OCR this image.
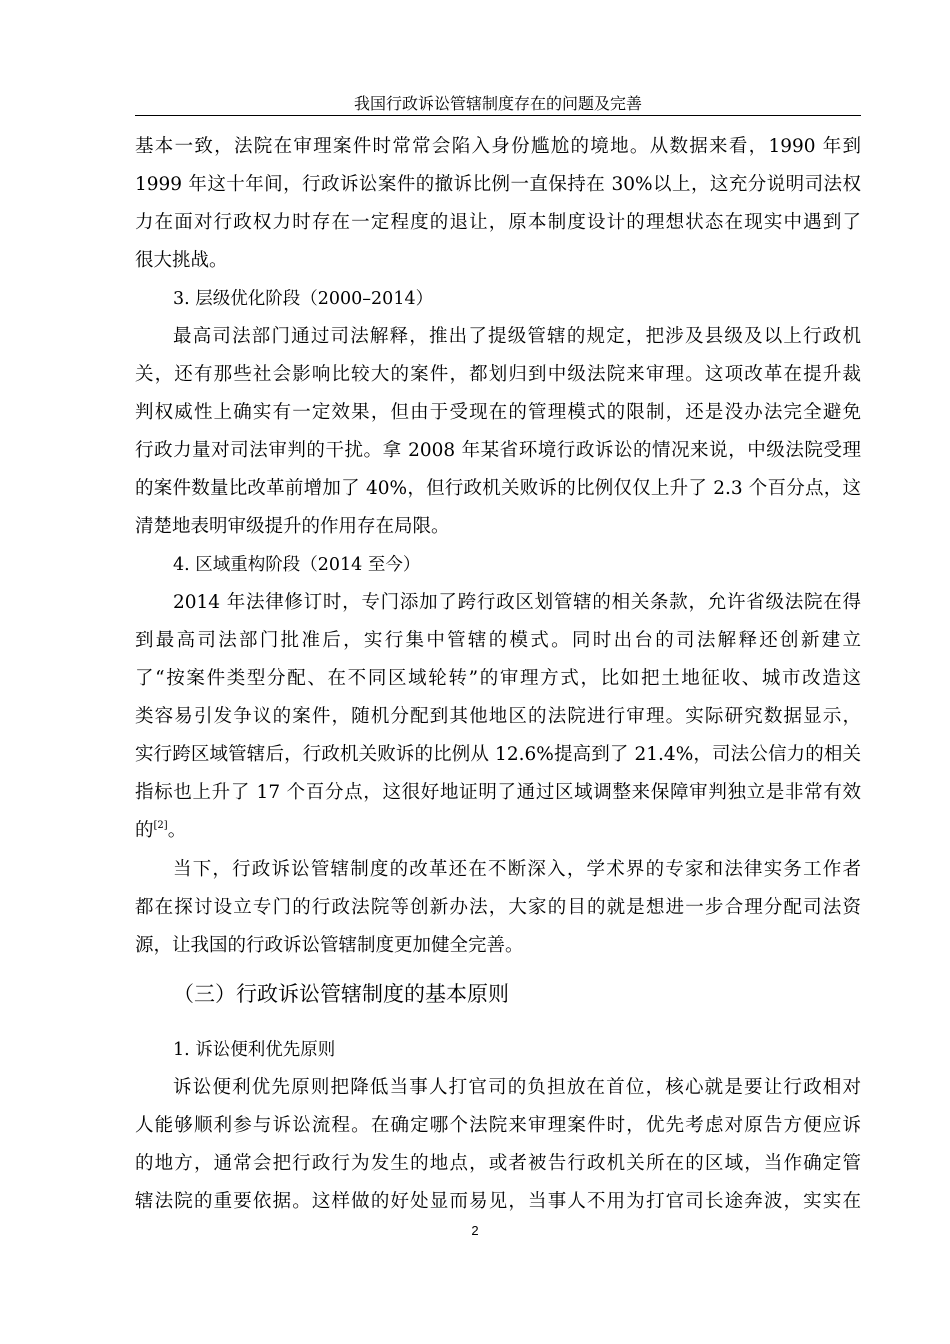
我国行政诉讼管辖制度存在的问题及完善
基本一致，法院在审理案件时常常会陷入身份尴尬的境地。从数据来看，1990 年到
1999 年这十年间，行政诉讼案件的撤诉比例一直保持在 30%以上，这充分说明司法权
力在面对行政权力时存在一定程度的退让，原本制度设计的理想状态在现实中遇到了
很大挑战。
3. 层级优化阶段（2000–2014）
最高司法部门通过司法解释，推出了提级管辖的规定，把涉及县级及以上行政机
关，还有那些社会影响比较大的案件，都划归到中级法院来审理。这项改革在提升裁
判权威性上确实有一定效果，但由于受现在的管理模式的限制，还是没办法完全避免
行政力量对司法审判的干扰。拿 2008 年某省环境行政诉讼的情况来说，中级法院受理
的案件数量比改革前增加了 40%，但行政机关败诉的比例仅仅上升了 2.3 个百分点，这
清楚地表明审级提升的作用存在局限。
4. 区域重构阶段（2014 至今）
2014 年法律修订时，专门添加了跨行政区划管辖的相关条款，允许省级法院在得
到最高司法部门批准后，实行集中管辖的模式。同时出台的司法解释还创新建立
了“按案件类型分配、在不同区域轮转”的审理方式，比如把土地征收、城市改造这
类容易引发争议的案件，随机分配到其他地区的法院进行审理。实际研究数据显示，
实行跨区域管辖后，行政机关败诉的比例从 12.6%提高到了 21.4%，司法公信力的相关
指标也上升了 17 个百分点，这很好地证明了通过区域调整来保障审判独立是非常有效
的[2]。
当下，行政诉讼管辖制度的改革还在不断深入，学术界的专家和法律实务工作者
都在探讨设立专门的行政法院等创新办法，大家的目的就是想进一步合理分配司法资
源，让我国的行政诉讼管辖制度更加健全完善。
（三）行政诉讼管辖制度的基本原则
1. 诉讼便利优先原则
诉讼便利优先原则把降低当事人打官司的负担放在首位，核心就是要让行政相对
人能够顺利参与诉讼流程。在确定哪个法院来审理案件时，优先考虑对原告方便应诉
的地方，通常会把行政行为发生的地点，或者被告行政机关所在的区域，当作确定管
辖法院的重要依据。这样做的好处显而易见，当事人不用为打官司长途奔波，实实在
2
